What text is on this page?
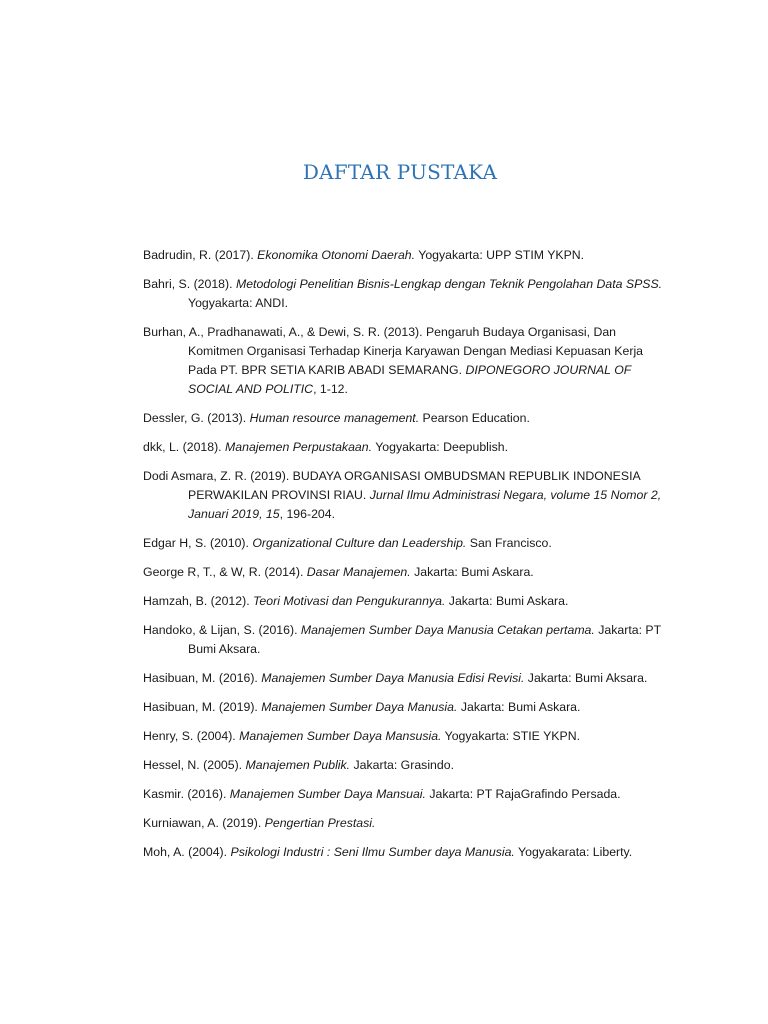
DAFTAR PUSTAKA

Badrudin, R. (2017). Ekonomika Otonomi Daerah. Yogyakarta: UPP STIM YKPN.

Bahri, S. (2018). Metodologi Penelitian Bisnis-Lengkap dengan Teknik Pengolahan Data SPSS. Yogyakarta: ANDI.

Burhan, A., Pradhanawati, A., & Dewi, S. R. (2013). Pengaruh Budaya Organisasi, Dan Komitmen Organisasi Terhadap Kinerja Karyawan Dengan Mediasi Kepuasan Kerja Pada PT. BPR SETIA KARIB ABADI SEMARANG. DIPONEGORO JOURNAL OF SOCIAL AND POLITIC, 1-12.

Dessler, G. (2013). Human resource management. Pearson Education.

dkk, L. (2018). Manajemen Perpustakaan. Yogyakarta: Deepublish.

Dodi Asmara, Z. R. (2019). BUDAYA ORGANISASI OMBUDSMAN REPUBLIK INDONESIA PERWAKILAN PROVINSI RIAU. Jurnal Ilmu Administrasi Negara, volume 15 Nomor 2, Januari 2019, 15, 196-204.

Edgar H, S. (2010). Organizational Culture dan Leadership. San Francisco.

George R, T., & W, R. (2014). Dasar Manajemen. Jakarta: Bumi Askara.

Hamzah, B. (2012). Teori Motivasi dan Pengukurannya. Jakarta: Bumi Askara.

Handoko, & Lijan, S. (2016). Manajemen Sumber Daya Manusia Cetakan pertama. Jakarta: PT Bumi Aksara.

Hasibuan, M. (2016). Manajemen Sumber Daya Manusia Edisi Revisi. Jakarta: Bumi Aksara.

Hasibuan, M. (2019). Manajemen Sumber Daya Manusia. Jakarta: Bumi Askara.

Henry, S. (2004). Manajemen Sumber Daya Mansusia. Yogyakarta: STIE YKPN.

Hessel, N. (2005). Manajemen Publik. Jakarta: Grasindo.

Kasmir. (2016). Manajemen Sumber Daya Mansuai. Jakarta: PT RajaGrafindo Persada.

Kurniawan, A. (2019). Pengertian Prestasi.

Moh, A. (2004). Psikologi Industri : Seni Ilmu Sumber daya Manusia. Yogyakarata: Liberty.
